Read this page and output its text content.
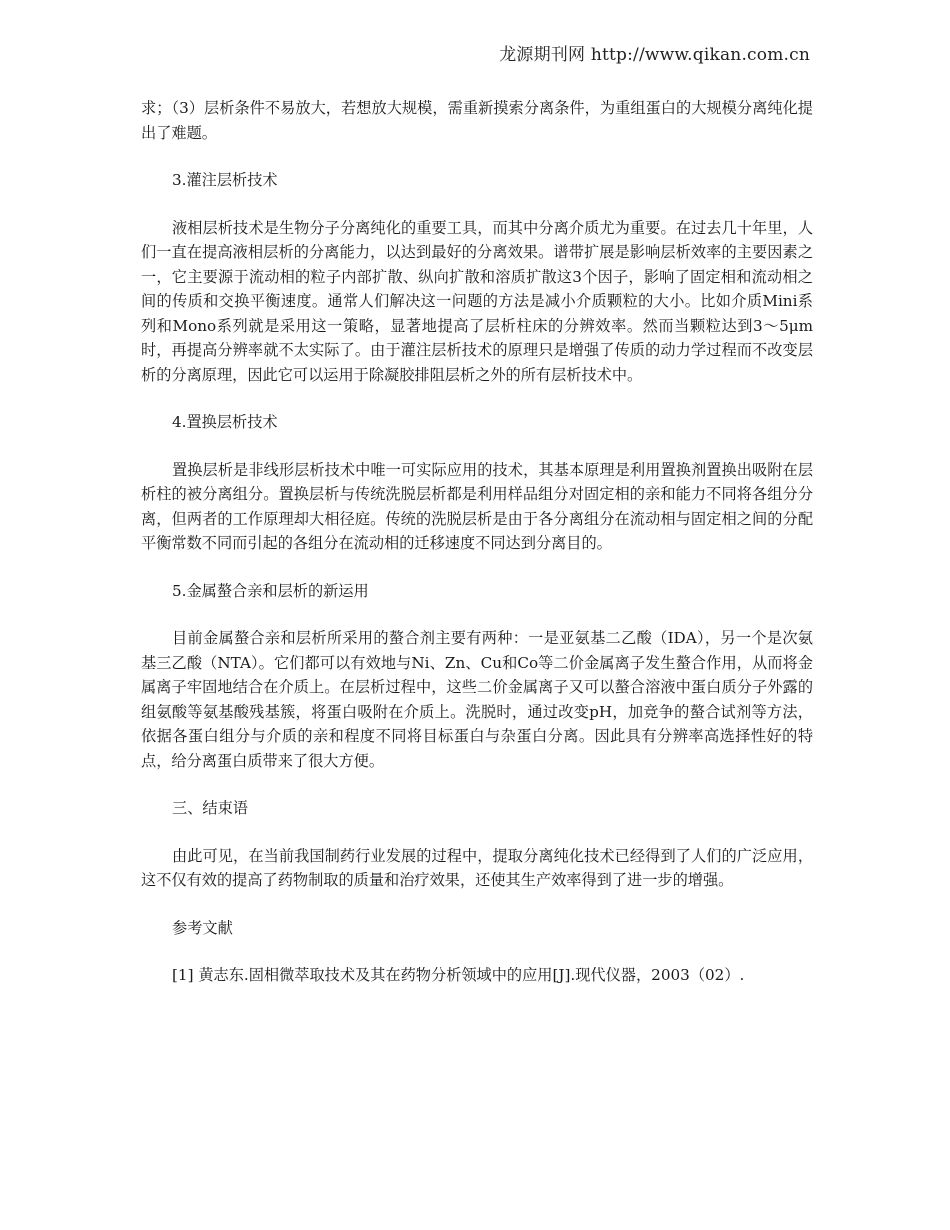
龙源期刊网 http://www.qikan.com.cn

求；（3）层析条件不易放大，若想放大规模，需重新摸索分离条件，为重组蛋白的大规模分离纯化提出了难题。

3.灌注层析技术

液相层析技术是生物分子分离纯化的重要工具，而其中分离介质尤为重要。在过去几十年里，人们一直在提高液相层析的分离能力，以达到最好的分离效果。谱带扩展是影响层析效率的主要因素之一，它主要源于流动相的粒子内部扩散、纵向扩散和溶质扩散这3个因子，影响了固定相和流动相之间的传质和交换平衡速度。通常人们解决这一问题的方法是减小介质颗粒的大小。比如介质Mini系列和Mono系列就是采用这一策略，显著地提高了层析柱床的分辨效率。然而当颗粒达到3～5μm时，再提高分辨率就不太实际了。由于灌注层析技术的原理只是增强了传质的动力学过程而不改变层析的分离原理，因此它可以运用于除凝胶排阻层析之外的所有层析技术中。

4.置换层析技术

置换层析是非线形层析技术中唯一可实际应用的技术，其基本原理是利用置换剂置换出吸附在层析柱的被分离组分。置换层析与传统洗脱层析都是利用样品组分对固定相的亲和能力不同将各组分分离，但两者的工作原理却大相径庭。传统的洗脱层析是由于各分离组分在流动相与固定相之间的分配平衡常数不同而引起的各组分在流动相的迁移速度不同达到分离目的。

5.金属螯合亲和层析的新运用

目前金属螯合亲和层析所采用的螯合剂主要有两种：一是亚氨基二乙酸（IDA），另一个是次氨基三乙酸（NTA）。它们都可以有效地与Ni、Zn、Cu和Co等二价金属离子发生螯合作用，从而将金属离子牢固地结合在介质上。在层析过程中，这些二价金属离子又可以螯合溶液中蛋白质分子外露的组氨酸等氨基酸残基簇，将蛋白吸附在介质上。洗脱时，通过改变pH，加竞争的螯合试剂等方法，依据各蛋白组分与介质的亲和程度不同将目标蛋白与杂蛋白分离。因此具有分辨率高选择性好的特点，给分离蛋白质带来了很大方便。

三、结束语

由此可见，在当前我国制药行业发展的过程中，提取分离纯化技术已经得到了人们的广泛应用，这不仅有效的提高了药物制取的质量和治疗效果，还使其生产效率得到了进一步的增强。

参考文献

[1] 黄志东.固相微萃取技术及其在药物分析领域中的应用[J].现代仪器，2003（02）.
